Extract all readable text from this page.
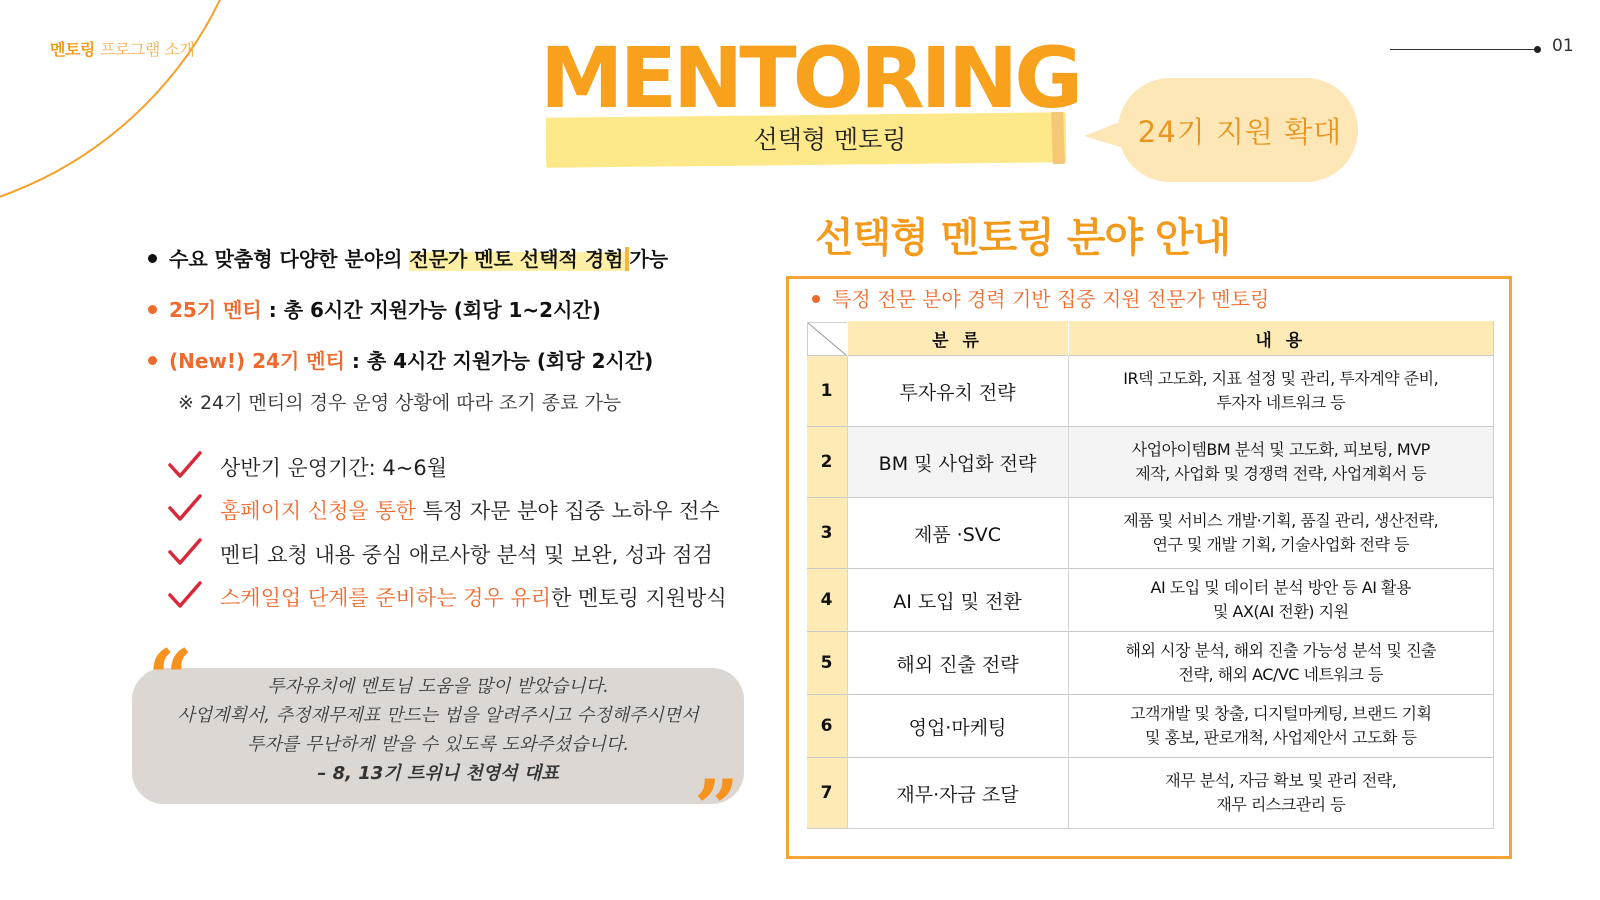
멘토링 프로그램 소개	01
MENTORING
선택형 멘토링	24기 지원 확대
수요 맞춤형 다양한 분야의 전문가 멘토 선택적 경험 가능
25기 멘티 : 총 6시간 지원가능 (회당 1~2시간)
(New!) 24기 멘티 : 총 4시간 지원가능 (회당 2시간)
※ 24기 멘티의 경우 운영 상황에 따라 조기 종료 가능
상반기 운영기간: 4~6월
홈페이지 신청을 통한 특정 자문 분야 집중 노하우 전수
멘티 요청 내용 중심 애로사항 분석 및 보완, 성과 점검
스케일업 단계를 준비하는 경우 유리한 멘토링 지원방식
“
”
투자유치에 멘토님 도움을 많이 받았습니다.
사업계획서, 추정재무제표 만드는 법을 알려주시고 수정해주시면서
투자를 무난하게 받을 수 있도록 도와주셨습니다.
– 8, 13기 트위니 천영석 대표
선택형 멘토링 분야 안내
특정 전문 분야 경력 기반 집중 지원 전문가 멘토링
	분 류	내 용
1	투자유치 전략	IR덱 고도화, 지표 설정 및 관리, 투자계약 준비,
투자자 네트워크 등

2	BM 및 사업화 전략	사업아이템BM 분석 및 고도화, 피보팅, MVP
제작, 사업화 및 경쟁력 전략, 사업계획서 등

3	제품 ·SVC	제품 및 서비스 개발·기획, 품질 관리, 생산전략,
연구 및 개발 기획, 기술사업화 전략 등

4	AI 도입 및 전환	AI 도입 및 데이터 분석 방안 등 AI 활용
및 AX(AI 전환) 지원

5	해외 진출 전략	해외 시장 분석, 해외 진출 가능성 분석 및 진출
전략, 해외 AC/VC 네트워크 등

6	영업·마케팅	고객개발 및 창출, 디지털마케팅, 브랜드 기획
및 홍보, 판로개척, 사업제안서 고도화 등

7	재무·자금 조달	재무 분석, 자금 확보 및 관리 전략,
재무 리스크관리 등
